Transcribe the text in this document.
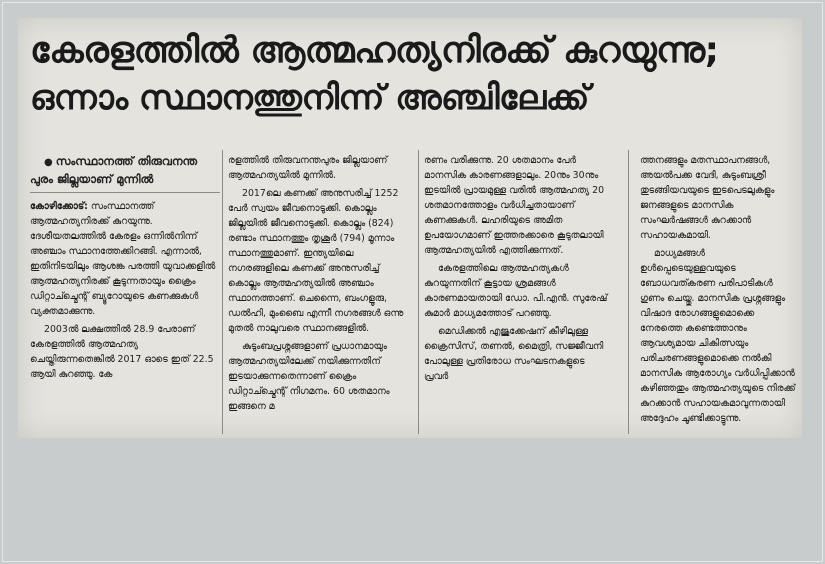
കേരളത്തിൽ ആത്മഹത്യനിരക്ക് കുറയുന്നു;
ഒന്നാം സ്ഥാനത്തുനിന്ന് അഞ്ചിലേക്ക്

● സംസ്ഥാനത്ത് തിരുവനന്ത പുരം ജില്ലയാണ് മുന്നിൽ

കോഴിക്കോട്: സംസ്ഥാനത്ത് ആത്മഹത്യനിരക്ക് കുറയുന്നു. ദേശീയതലത്തിൽ കേരളം ഒന്നിൽനിന്ന് അഞ്ചാം സ്ഥാനത്തേക്കിറങ്ങി. എന്നാൽ, ഇതിനിടയിലും ആശങ്ക പരത്തി യുവാക്കളിൽ ആത്മഹത്യനിരക്ക് കൂടുന്നതായും ക്രൈം ഡിറ്റാച്ച്മെന്റ് ബ്യൂറോയുടെ കണക്കുകൾ വ്യക്തമാക്കുന്നു.

2003ൽ ലക്ഷത്തിൽ 28.9 പേരാണ് കേരളത്തിൽ ആത്മഹത്യ ചെയ്തിരുന്നതെങ്കിൽ 2017 ഓടെ ഇത് 22.5 ആയി കുറഞ്ഞു. കേ

രളത്തിൽ തിരുവനന്തപുരം ജില്ലയാണ് ആത്മഹത്യയിൽ മുന്നിൽ.

2017ലെ കണക്ക് അനുസരിച്ച് 1252 പേർ സ്വയം ജീവനൊടുക്കി. കൊല്ലം ജില്ലയിൽ ജീവനൊടുക്കി. കൊല്ലം (824) രണ്ടാം സ്ഥാനത്തും തൃശൂർ (794) മൂന്നാം സ്ഥാനത്തുമാണ്. ഇന്ത്യയിലെ നഗരങ്ങളിലെ കണക്ക് അനുസരിച്ച് കൊല്ലം ആത്മഹത്യയിൽ അഞ്ചാം സ്ഥാനത്താണ്. ചെന്നൈ, ബംഗളൂരു, ഡൽഹി, മുംബൈ എന്നീ നഗരങ്ങൾ ഒന്നു മുതൽ നാലുവരെ സ്ഥാനങ്ങളിൽ.

കുടുംബപ്രശ്നങ്ങളാണ് പ്രധാനമായും ആത്മഹത്യയിലേക്ക് നയിക്കുന്നതിന് ഇടയാക്കുന്നതെന്നാണ് ക്രൈം ഡിറ്റാച്ച്മെന്റ് നിഗമനം. 60 ശതമാനം ഇങ്ങനെ മ

രണം വരിക്കുന്നു. 20 ശതമാനം പേർ മാനസിക കാരണങ്ങളാലും. 20നും 30നും ഇടയിൽ പ്രായമുള്ള വരിൽ ആത്മഹത്യ 20 ശതമാനത്തോളം വർധിച്ചതായാണ് കണക്കുകൾ. ലഹരിയുടെ അമിത ഉപയോഗമാണ് ഇത്തരക്കാരെ കൂടുതലായി ആത്മഹത്യയിൽ എത്തിക്കുന്നത്.

കേരളത്തിലെ ആത്മഹത്യകൾ കുറയുന്നതിന് കൂട്ടായ ശ്രമങ്ങൾ കാരണമായതായി ഡോ. പി.എൻ. സുരേഷ് കുമാർ മാധ്യമത്തോട് പറഞ്ഞു.

മെഡിക്കൽ എജുക്കേഷന് കീഴിലുള്ള ക്രൈസിസ്, തണൽ, മൈത്രി, സജ്ജീവനി പോലുള്ള പ്രതിരോധ സംഘടനകളുടെ പ്രവർ

ത്തനങ്ങളും മതസ്ഥാപനങ്ങൾ, അയൽപക്ക വേദി, കുടുംബശ്രീ തുടങ്ങിയവയുടെ ഇടപെടലുകളും ജനങ്ങളുടെ മാനസിക സംഘർഷങ്ങൾ കുറക്കാൻ സഹായകമായി.

മാധ്യമങ്ങൾ ഉൾപ്പെടെയുള്ളവയുടെ ബോധവത്കരണ പരിപാടികൾ ഗുണം ചെയ്തു. മാനസിക പ്രശ്നങ്ങളും വിഷാദ രോഗങ്ങളുമൊക്കെ നേരത്തെ കണ്ടെത്താനും ആവശ്യമായ ചികിത്സയും പരിചരണങ്ങളുമൊക്കെ നൽകി മാനസിക ആരോഗ്യം വർധിപ്പിക്കാൻ കഴിഞ്ഞതും ആത്മഹത്യയുടെ നിരക്ക് കുറക്കാൻ സഹായകമാവുന്നതായി അദ്ദേഹം ചൂണ്ടിക്കാട്ടുന്നു.
